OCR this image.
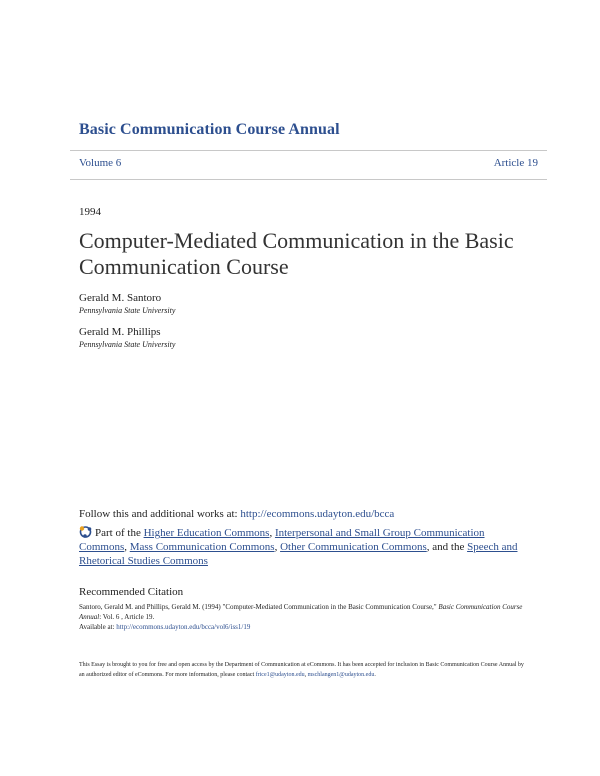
Basic Communication Course Annual
Volume 6	Article 19
1994
Computer-Mediated Communication in the Basic Communication Course
Gerald M. Santoro
Pennsylvania State University
Gerald M. Phillips
Pennsylvania State University
Follow this and additional works at: http://ecommons.udayton.edu/bcca
Part of the Higher Education Commons, Interpersonal and Small Group Communication Commons, Mass Communication Commons, Other Communication Commons, and the Speech and Rhetorical Studies Commons
Recommended Citation
Santoro, Gerald M. and Phillips, Gerald M. (1994) "Computer-Mediated Communication in the Basic Communication Course," Basic Communication Course Annual: Vol. 6 , Article 19.
Available at: http://ecommons.udayton.edu/bcca/vol6/iss1/19
This Essay is brought to you for free and open access by the Department of Communication at eCommons. It has been accepted for inclusion in Basic Communication Course Annual by an authorized editor of eCommons. For more information, please contact frice1@udayton.edu, mschlangen1@udayton.edu.
